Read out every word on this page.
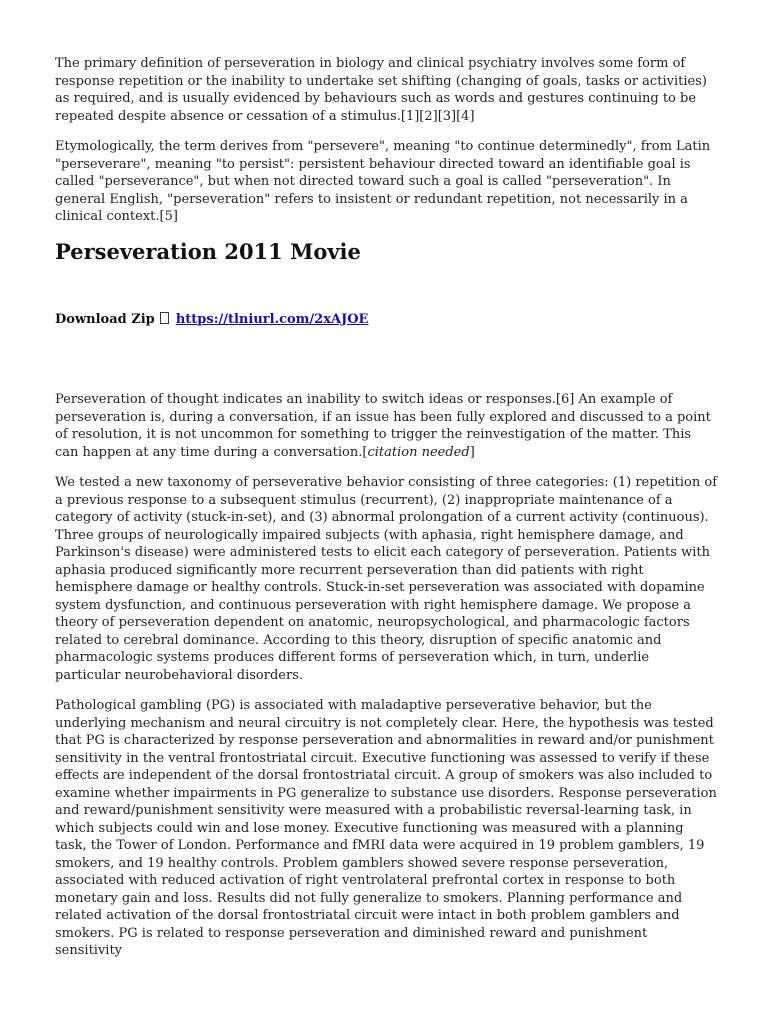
The primary definition of perseveration in biology and clinical psychiatry involves some form of response repetition or the inability to undertake set shifting (changing of goals, tasks or activities) as required, and is usually evidenced by behaviours such as words and gestures continuing to be repeated despite absence or cessation of a stimulus.[1][2][3][4]

Etymologically, the term derives from "persevere", meaning "to continue determinedly", from Latin "perseverare", meaning "to persist": persistent behaviour directed toward an identifiable goal is called "perseverance", but when not directed toward such a goal is called "perseveration". In general English, "perseveration" refers to insistent or redundant repetition, not necessarily in a clinical context.[5]

Perseveration 2011 Movie
Download Zip https://tlniurl.com/2xAJOE

Perseveration of thought indicates an inability to switch ideas or responses.[6] An example of perseveration is, during a conversation, if an issue has been fully explored and discussed to a point of resolution, it is not uncommon for something to trigger the reinvestigation of the matter. This can happen at any time during a conversation.[citation needed]

We tested a new taxonomy of perseverative behavior consisting of three categories: (1) repetition of a previous response to a subsequent stimulus (recurrent), (2) inappropriate maintenance of a category of activity (stuck-in-set), and (3) abnormal prolongation of a current activity (continuous). Three groups of neurologically impaired subjects (with aphasia, right hemisphere damage, and Parkinson's disease) were administered tests to elicit each category of perseveration. Patients with aphasia produced significantly more recurrent perseveration than did patients with right hemisphere damage or healthy controls. Stuck-in-set perseveration was associated with dopamine system dysfunction, and continuous perseveration with right hemisphere damage. We propose a theory of perseveration dependent on anatomic, neuropsychological, and pharmacologic factors related to cerebral dominance. According to this theory, disruption of specific anatomic and pharmacologic systems produces different forms of perseveration which, in turn, underlie particular neurobehavioral disorders.

Pathological gambling (PG) is associated with maladaptive perseverative behavior, but the underlying mechanism and neural circuitry is not completely clear. Here, the hypothesis was tested that PG is characterized by response perseveration and abnormalities in reward and/or punishment sensitivity in the ventral frontostriatal circuit. Executive functioning was assessed to verify if these effects are independent of the dorsal frontostriatal circuit. A group of smokers was also included to examine whether impairments in PG generalize to substance use disorders. Response perseveration and reward/punishment sensitivity were measured with a probabilistic reversal-learning task, in which subjects could win and lose money. Executive functioning was measured with a planning task, the Tower of London. Performance and fMRI data were acquired in 19 problem gamblers, 19 smokers, and 19 healthy controls. Problem gamblers showed severe response perseveration, associated with reduced activation of right ventrolateral prefrontal cortex in response to both monetary gain and loss. Results did not fully generalize to smokers. Planning performance and related activation of the dorsal frontostriatal circuit were intact in both problem gamblers and smokers. PG is related to response perseveration and diminished reward and punishment sensitivity
